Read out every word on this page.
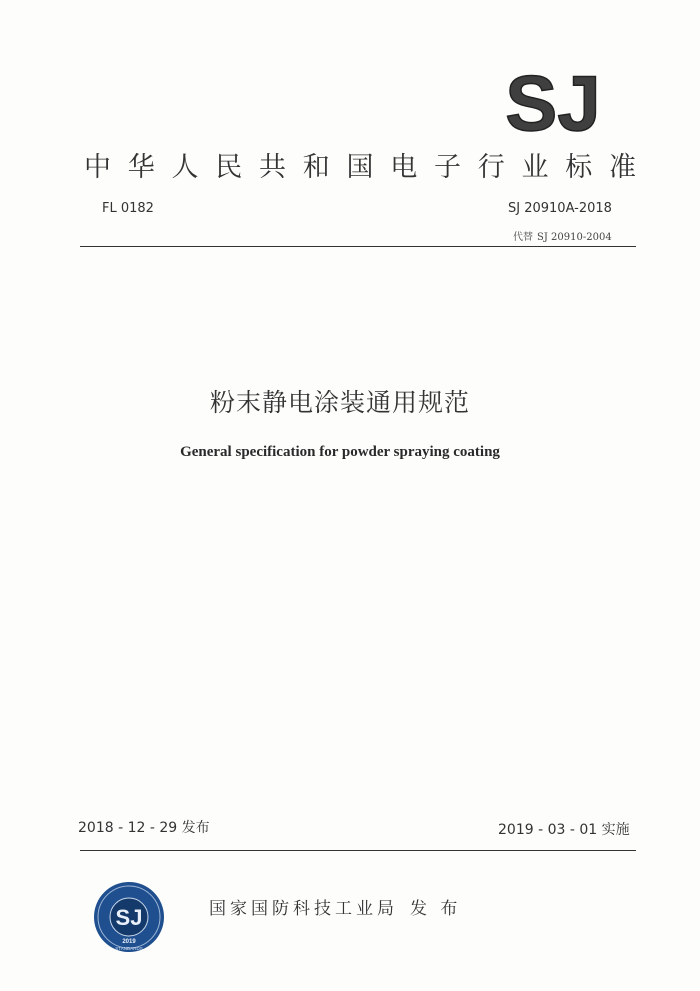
SJ
中 华 人 民 共 和 国 电 子 行 业 标 准
FL 0182	SJ 20910A-2018
代替 SJ 20910-2004
粉末静电涂装通用规范
General specification for powder spraying coating
2018 - 12 - 29 发布	2019 - 03 - 01 实施
SJ
2019
STANDARDS
国家国防科技工业局 发 布
